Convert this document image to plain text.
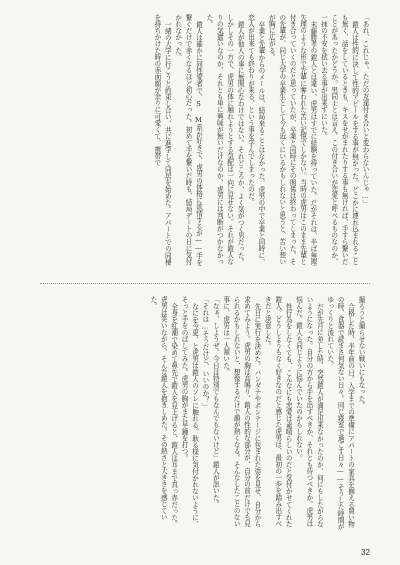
「あれ、これじゃ、ただの友達付き合いと変わらないんじゃ…」

鎧人は性的に決して性的アピールをする事が無かった。どこかに連れ込まれることも無く、話をしているときも、キスをせがまれたりする事も無ければ、手すら繋いだことがあったかどうか。男同士とは言え、この付き合いが恋愛と呼べるものなのか、一抹の不安を拭い去る事が出来ずにいた。

末藤勝孝の鎧人とは違い、虎男はすでに経験を持っていた。だがそれは、半ば無理矢理のような形で先輩に奪われた苦い記憶でしかない。当時の虎男はこのまま先輩と付き合っていくのだと思っていたが、卒業と同時にその関係は終わってしまった。その先輩が、同じ大学の卒業生として今も近くにいるかもしれないと思うと、苦い想いが胸に広がる。

卒業と先輩からのメールは、結局来ることはなかった。虎男の中で卒業と同時に、恋人が出来ても終わりが来る、という事を学んでしまったのだ。

鎧人が他人の事に無関心なわけではない。それどころか、よく気がつく男だった。しかしその一方で、虎男の体に触れようとする気配は一向に見せない。それが鎧人なりの気遣いなのか、それとも単に興味が無いだけなのか、虎男には判断がつかなかった。

鎧人は確かに同性愛者で、S M系が好きで、虎男の体格に欲情するが――手を繋ぐだけで赤くなるほど初心だった。初めて手を繋いだ時も、結局デートの日に気付かれなかった。

一緒の大学に行こうと約束し合い、共に進学して同居を始めた。アパートでの同棲を持ちかけた時の赤面顔が余りに可愛くて、携帯で

撮ろうと撮らせない戦いにもなった。

合格した時、半年前の日。入学までの準備にアパートの家具を揃える買い物の時、食器で読まさ何気ない日々。同じ寝室で過ごす日々――そうした時間がゆっくりと流れていた。

だが先月に差した時、突然鎧人が満足出来なかったのか、何にもしたがらないようになった。自分の方から手を出すべきか、それとも待つべきか。虎男は悩んだ。鎧人も同じように悩んでいたのかもしれない。

性行為をしなくても、こんなにも恋愛は素晴らしいのだと気付かせてくれた鎧人。どうしようもなく好きなのだと感じた虎男は、最初の一歩を踏み出すべきだと決意した。

先日に実行を決めた。バンダナやボンテージに包まれた姿を見せ、自分から求めてみよう。虎男の胸は高鳴り、鎧人の性的な部分が、自分の前だけでも見られるかもしれないと、想像するだけで顔が熱くなる。そんなしたことのない事に、虎男は一人頷いた。

「なぁ、しようぜ。今日は特別でもなんでもないけど」鎧人が訊いた。

「それは…そうだけど、いいのか？」

なにを今更、と虎男は鎧人のソレに触れる。耿る様に気付かれないように、そっと手をのばしてみた。虎男の胸がまた早鐘を打つ。

全身を紅潮で染めて鼻先で鎧人を見上げると、鎧人は耳まで真っ赤だった。虎男は笑いながら、そんな鎧人を抱きしめた。その熱さと大きさを感じていた。

32
